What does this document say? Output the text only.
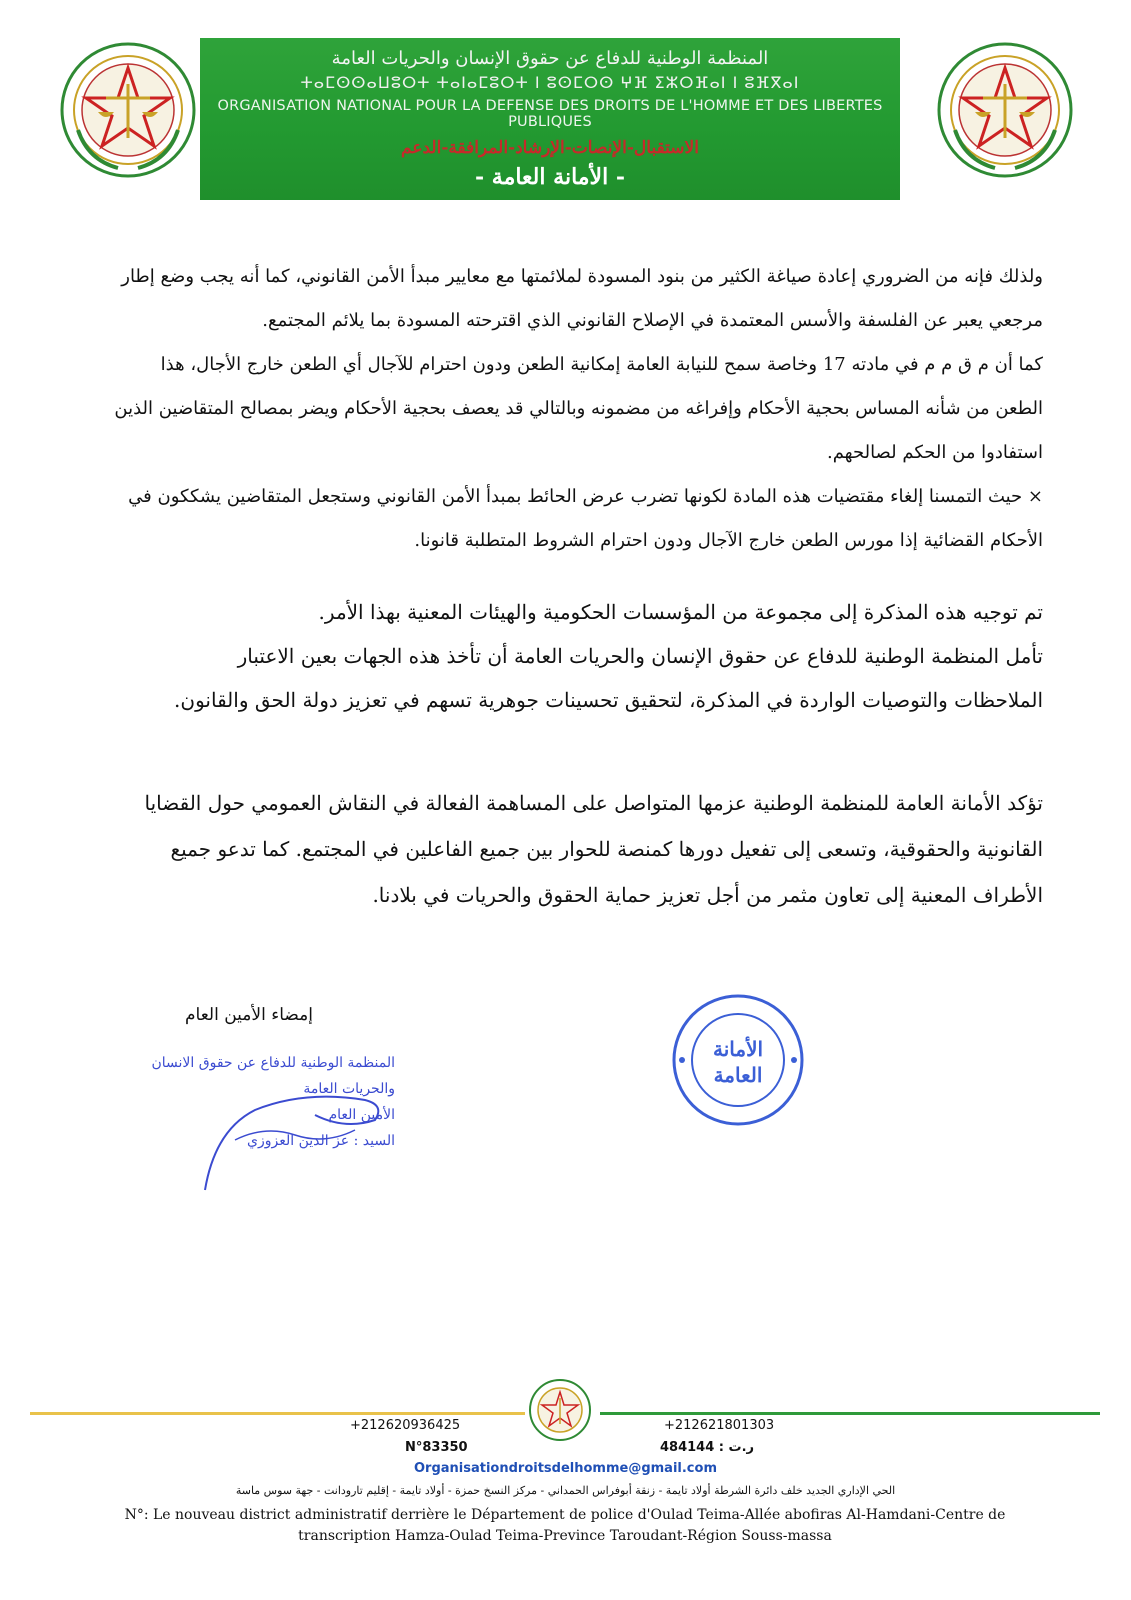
المنظمة الوطنية للدفاع عن حقوق الإنسان والحريات العامة
ⵜⴰⵎⵙⵙⴰⵡⵓⵔⵜ ⵜⴰⵏⴰⵎⵓⵔⵜ ⵏ ⵓⵙⵎⵔⵙ ⵖⴼ ⵉⵣⵔⴼⴰⵏ ⵏ ⵓⴼⴳⴰⵏ
ORGANISATION NATIONAL POUR LA DEFENSE DES DROITS DE L'HOMME ET DES LIBERTES PUBLIQUES
الاستقبال-الإنصات-الإرشاد-المرافقة-الدعم
- الأمانة العامة -

ولذلك فإنه من الضروري إعادة صياغة الكثير من بنود المسودة لملائمتها مع معايير مبدأ الأمن القانوني، كما أنه يجب وضع إطار

مرجعي يعبر عن الفلسفة والأسس المعتمدة في الإصلاح القانوني الذي اقترحته المسودة بما يلائم المجتمع.

كما أن م ق م م في مادته 17 وخاصة سمح للنيابة العامة إمكانية الطعن ودون احترام للآجال أي الطعن خارج الأجال، هذا

الطعن من شأنه المساس بحجية الأحكام وإفراغه من مضمونه وبالتالي قد يعصف بحجية الأحكام ويضر بمصالح المتقاضين الذين

استفادوا من الحكم لصالحهم.

× حيث التمسنا إلغاء مقتضيات هذه المادة لكونها تضرب عرض الحائط بمبدأ الأمن القانوني وستجعل المتقاضين يشككون في

الأحكام القضائية إذا مورس الطعن خارج الآجال ودون احترام الشروط المتطلبة قانونا.

تم توجيه هذه المذكرة إلى مجموعة من المؤسسات الحكومية والهيئات المعنية بهذا الأمر.

تأمل المنظمة الوطنية للدفاع عن حقوق الإنسان والحريات العامة أن تأخذ هذه الجهات بعين الاعتبار

الملاحظات والتوصيات الواردة في المذكرة، لتحقيق تحسينات جوهرية تسهم في تعزيز دولة الحق والقانون.

تؤكد الأمانة العامة للمنظمة الوطنية عزمها المتواصل على المساهمة الفعالة في النقاش العمومي حول القضايا

القانونية والحقوقية، وتسعى إلى تفعيل دورها كمنصة للحوار بين جميع الفاعلين في المجتمع. كما تدعو جميع

الأطراف المعنية إلى تعاون مثمر من أجل تعزيز حماية الحقوق والحريات في بلادنا.

إمضاء الأمين العام
المنظمة الوطنية للدفاع عن حقوق الانسان
والحريات العامة
الأمين العام
السيد : عز الدين العزوزي
الأمانة
العامة
+212620936425	+212621801303
N°83350	ر.ت : 484144
Organisationdroitsdelhomme@gmail.com
الحي الإداري الجديد خلف دائرة الشرطة أولاد تايمة - زنقة أبوفراس الحمداني - مركز النسخ حمزة - أولاد تايمة - إقليم تارودانت - جهة سوس ماسة
N°: Le nouveau district administratif derrière le Département de police d'Oulad Teima-Allée abofiras Al-Hamdani-Centre de transcription Hamza-Oulad Teima-Prevince Taroudant-Région Souss-massa
